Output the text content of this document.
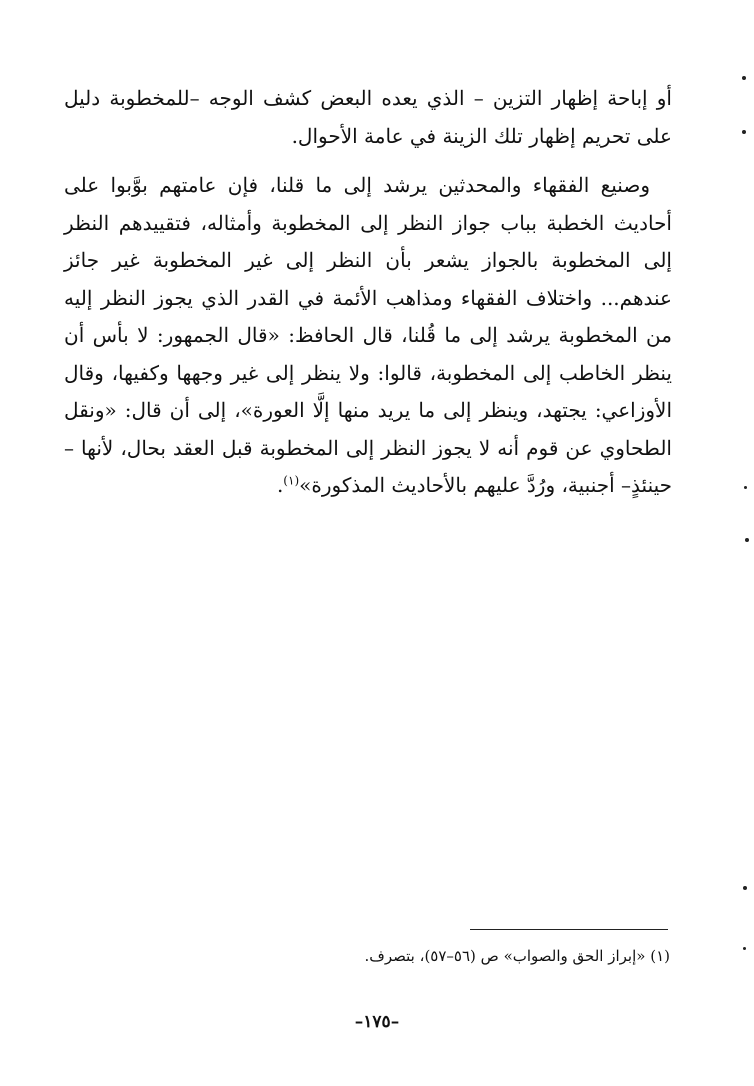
أو إباحة إظهار التزين – الذي يعده البعض كشف الوجه –للمخطوبة دليل على تحريم إظهار تلك الزينة في عامة الأحوال.
وصنيع الفقهاء والمحدثين يرشد إلى ما قلنا، فإن عامتهم بوَّبوا على أحاديث الخطبة بباب جواز النظر إلى المخطوبة وأمثاله، فتقييدهم النظر إلى المخطوبة بالجواز يشعر بأن النظر إلى غير المخطوبة غير جائز عندهم... واختلاف الفقهاء ومذاهب الأئمة في القدر الذي يجوز النظر إليه من المخطوبة يرشد إلى ما قُلنا، قال الحافظ: «قال الجمهور: لا بأس أن ينظر الخاطب إلى المخطوبة، قالوا: ولا ينظر إلى غير وجهها وكفيها، وقال الأوزاعي: يجتهد، وينظر إلى ما يريد منها إلَّا العورة»، إلى أن قال: «ونقل الطحاوي عن قوم أنه لا يجوز النظر إلى المخطوبة قبل العقد بحال، لأنها – حينئذٍ– أجنبية، ورُدَّ عليهم بالأحاديث المذكورة»$^{(١)}$.
(١) «إبراز الحق والصواب» ص (٥٦–٥٧)، بتصرف.
–١٧٥–
